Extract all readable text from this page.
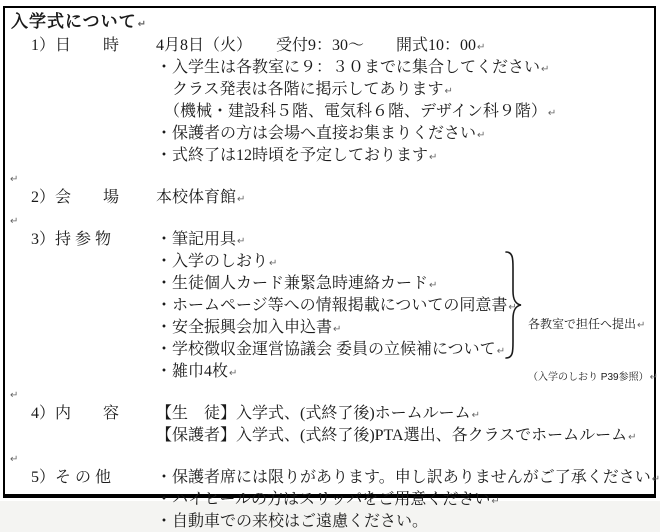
入学式について↵
1）日　　時	4月8日（火）　　受付9：30～　　開式10：00↵
・入学生は各教室に９：３０までに集合してください↵
　クラス発表は各階に掲示してあります↵
　（機械・建設科５階、電気科６階、デザイン科９階）↵
・保護者の方は会場へ直接お集まりください↵
・式終了は12時頃を予定しております↵
↵
2）会　　場	本校体育館↵
↵
3）持 参 物	・筆記用具↵
・入学のしおり↵
・生徒個人カード兼緊急時連絡カード↵
・ホームページ等への情報掲載についての同意書↵
・安全振興会加入申込書↵
・学校徴収金運営協議会 委員の立候補について↵
・雑巾4枚↵
↵
4）内　　容	【生　徒】入学式、(式終了後)ホームルーム↵
【保護者】入学式、(式終了後)PTA選出、各クラスでホームルーム↵
↵
5）そ の 他	・保護者席には限りがあります。申し訳ありませんがご了承ください↵
・ハイヒールの方はスリッパをご用意ください↵
・自動車での来校はご遠慮ください。

各教室で担任へ提出↵

（入学のしおり P39参照）↵
